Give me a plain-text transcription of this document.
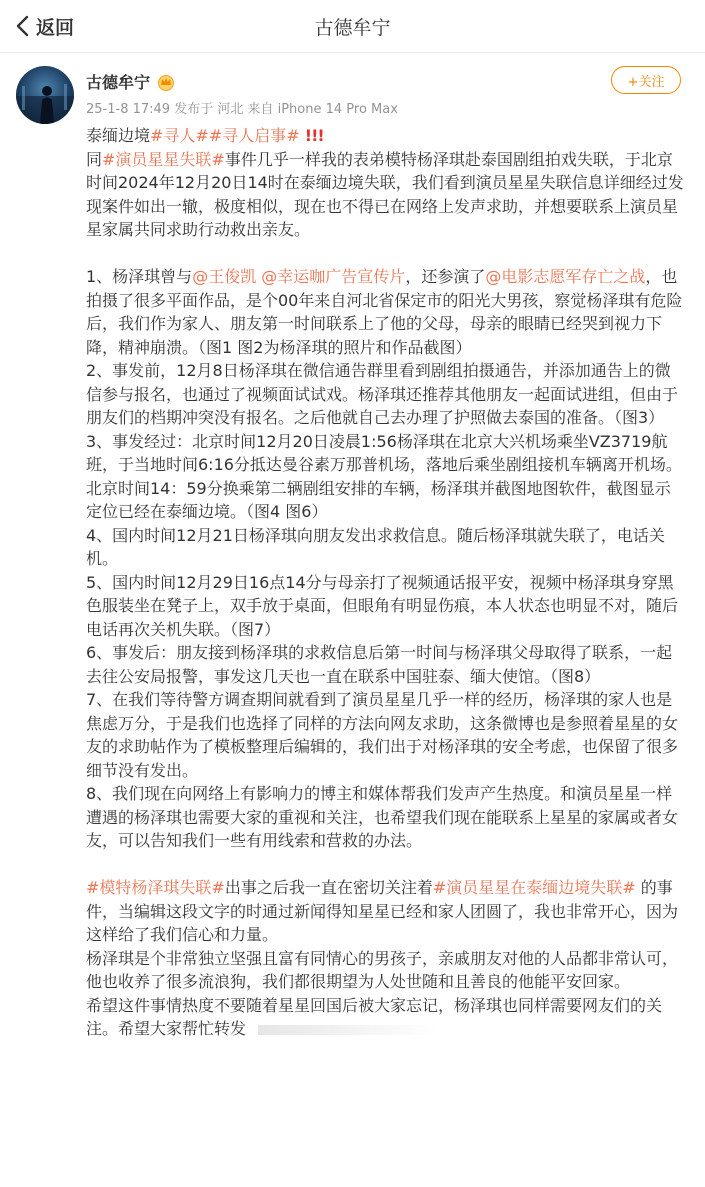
返回	古德牟宁
古德牟宁
25-1-8 17:49 发布于 河北 来自 iPhone 14 Pro Max
+关注

泰缅边境#寻人##寻人启事# !!!

同#演员星星失联#事件几乎一样我的表弟模特杨泽琪赴泰国剧组拍戏失联，于北京时间2024年12月20日14时在泰缅边境失联，我们看到演员星星失联信息详细经过发现案件如出一辙，极度相似，现在也不得已在网络上发声求助，并想要联系上演员星星家属共同求助行动救出亲友。

1、杨泽琪曾与@王俊凯 @幸运咖广告宣传片，还参演了@电影志愿军存亡之战，也拍摄了很多平面作品，是个00年来自河北省保定市的阳光大男孩，察觉杨泽琪有危险后，我们作为家人、朋友第一时间联系上了他的父母，母亲的眼睛已经哭到视力下降，精神崩溃。（图1 图2为杨泽琪的照片和作品截图）

2、事发前，12月8日杨泽琪在微信通告群里看到剧组拍摄通告，并添加通告上的微信参与报名，也通过了视频面试试戏。杨泽琪还推荐其他朋友一起面试进组，但由于朋友们的档期冲突没有报名。之后他就自己去办理了护照做去泰国的准备。（图3）

3、事发经过：北京时间12月20日凌晨1:56杨泽琪在北京大兴机场乘坐VZ3719航班，于当地时间6:16分抵达曼谷素万那普机场，落地后乘坐剧组接机车辆离开机场。北京时间14：59分换乘第二辆剧组安排的车辆，杨泽琪并截图地图软件，截图显示定位已经在泰缅边境。（图4 图6）

4、国内时间12月21日杨泽琪向朋友发出求救信息。随后杨泽琪就失联了，电话关机。

5、国内时间12月29日16点14分与母亲打了视频通话报平安，视频中杨泽琪身穿黑色服装坐在凳子上，双手放于桌面，但眼角有明显伤痕，本人状态也明显不对，随后电话再次关机失联。（图7）

6、事发后：朋友接到杨泽琪的求救信息后第一时间与杨泽琪父母取得了联系，一起去往公安局报警，事发这几天也一直在联系中国驻泰、缅大使馆。（图8）

7、在我们等待警方调查期间就看到了演员星星几乎一样的经历，杨泽琪的家人也是焦虑万分，于是我们也选择了同样的方法向网友求助，这条微博也是参照着星星的女友的求助帖作为了模板整理后编辑的，我们出于对杨泽琪的安全考虑，也保留了很多细节没有发出。

8、我们现在向网络上有影响力的博主和媒体帮我们发声产生热度。和演员星星一样遭遇的杨泽琪也需要大家的重视和关注，也希望我们现在能联系上星星的家属或者女友，可以告知我们一些有用线索和营救的办法。

#模特杨泽琪失联#出事之后我一直在密切关注着#演员星星在泰缅边境失联# 的事件，当编辑这段文字的时通过新闻得知星星已经和家人团圆了，我也非常开心，因为这样给了我们信心和力量。

杨泽琪是个非常独立坚强且富有同情心的男孩子，亲戚朋友对他的人品都非常认可，他也收养了很多流浪狗，我们都很期望为人处世随和且善良的他能平安回家。

希望这件事情热度不要随着星星回国后被大家忘记，杨泽琪也同样需要网友们的关注。希望大家帮忙转发
